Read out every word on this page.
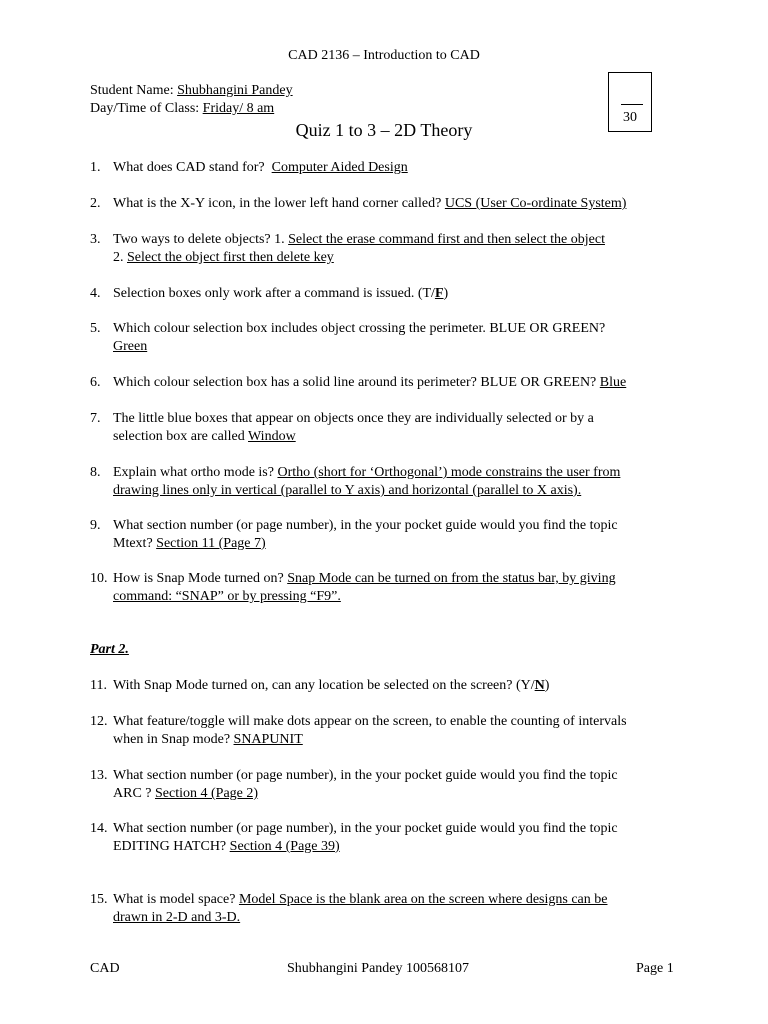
CAD 2136 – Introduction to CAD
Student Name: Shubhangini Pandey
Day/Time of Class: Friday/ 8 am
30
Quiz 1 to 3 – 2D Theory
1. What does CAD stand for? Computer Aided Design
2. What is the X-Y icon, in the lower left hand corner called? UCS (User Co-ordinate System)
3. Two ways to delete objects? 1. Select the erase command first and then select the object
2. Select the object first then delete key
4. Selection boxes only work after a command is issued. (T/F)
5. Which colour selection box includes object crossing the perimeter. BLUE OR GREEN?
Green
6. Which colour selection box has a solid line around its perimeter? BLUE OR GREEN? Blue
7. The little blue boxes that appear on objects once they are individually selected or by a
selection box are called Window
8. Explain what ortho mode is? Ortho (short for ‘Orthogonal’) mode constrains the user from
drawing lines only in vertical (parallel to Y axis) and horizontal (parallel to X axis).
9. What section number (or page number), in the your pocket guide would you find the topic
Mtext? Section 11 (Page 7)
10. How is Snap Mode turned on? Snap Mode can be turned on from the status bar, by giving
command: “SNAP” or by pressing “F9”.
Part 2.
11. With Snap Mode turned on, can any location be selected on the screen? (Y/N)
12. What feature/toggle will make dots appear on the screen, to enable the counting of intervals
when in Snap mode? SNAPUNIT
13. What section number (or page number), in the your pocket guide would you find the topic
ARC ? Section 4 (Page 2)
14. What section number (or page number), in the your pocket guide would you find the topic
EDITING HATCH? Section 4 (Page 39)
15. What is model space? Model Space is the blank area on the screen where designs can be
drawn in 2-D and 3-D.
CAD	Shubhangini Pandey 100568107	Page 1
